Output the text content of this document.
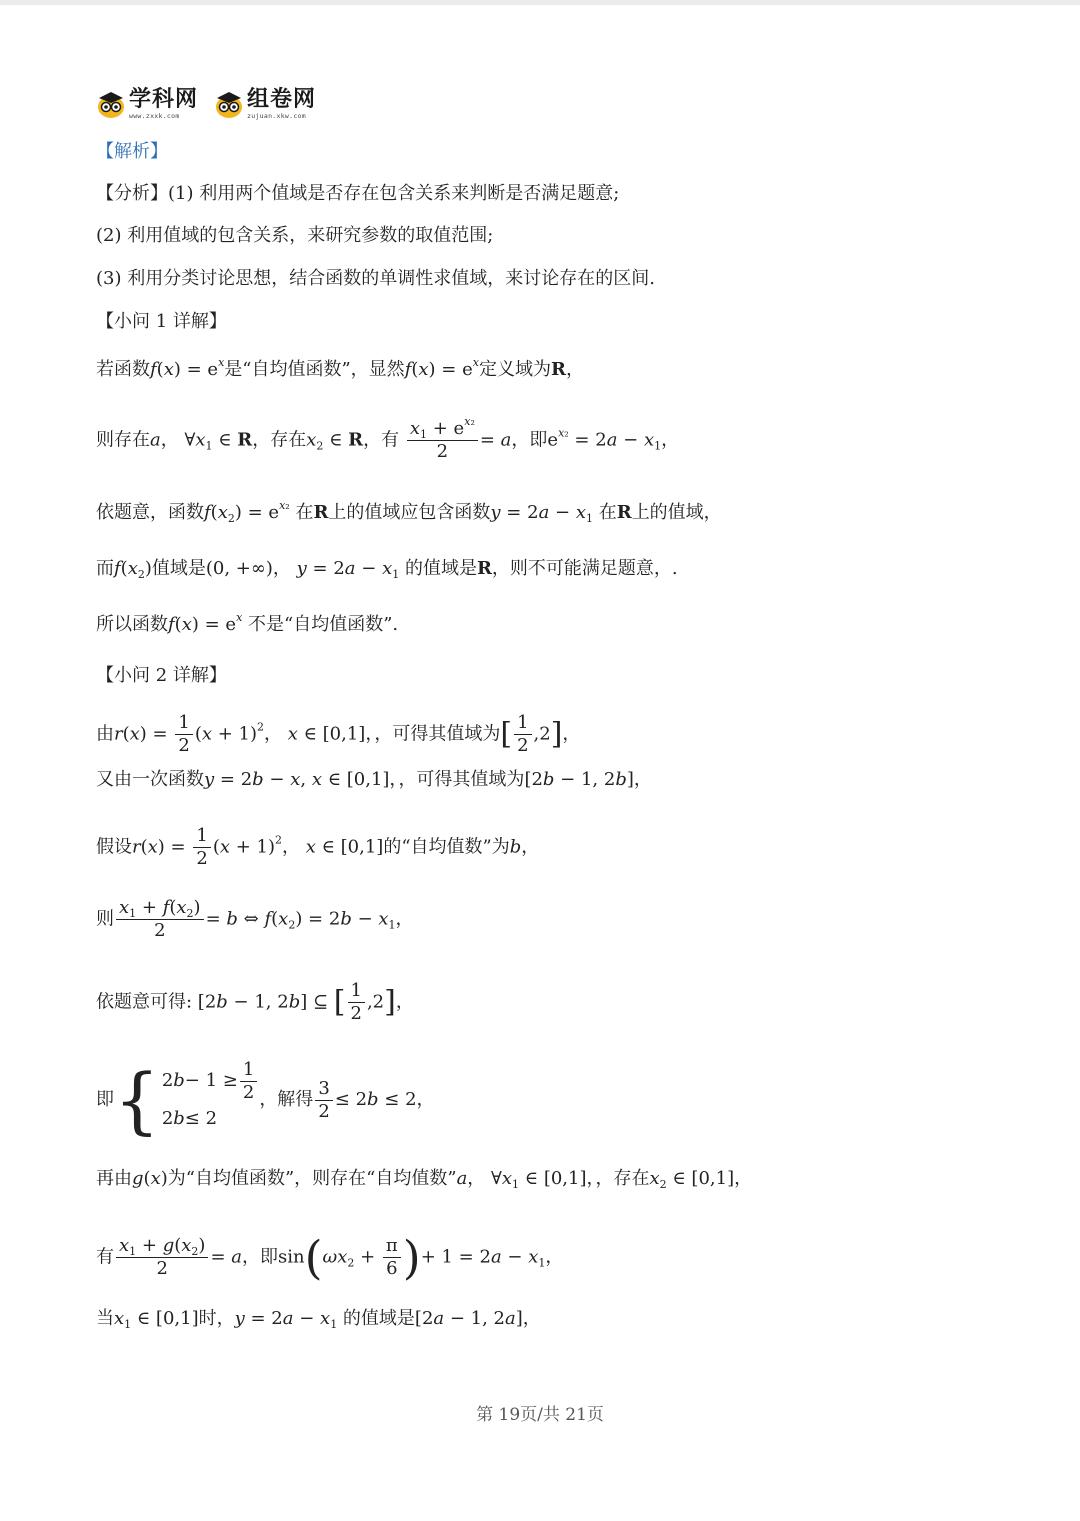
学科网
www.zxxk.com
组卷网
zujuan.xkw.com
【解析】
【分析】(1) 利用两个值域是否存在包含关系来判断是否满足题意;
(2) 利用值域的包含关系，来研究参数的取值范围;
(3) 利用分类讨论思想，结合函数的单调性求值域，来讨论存在的区间.
【小问 1 详解】
若函数$f(x) = e^x$是“自均值函数”，显然$f(x) = e^x$定义域为R，
则存在a， $\forall x_1$ ∈ R，存在$x_2$ ∈ R，有 $\frac{x_1 + e^{x_2}}{2} = a$，即$e^{x_2} = 2a - x_1$，
依题意，函数$f(x_2) = e^{x_2}$ 在R上的值域应包含函数$y = 2a - x_1$ 在R上的值域，
而$f(x_2)$值域是(0, +∞)， $y = 2a - x_1$ 的值域是R，则不可能满足题意，.
所以函数$f(x) = e^x$ 不是“自均值函数”.
【小问 2 详解】
由$r(x) = \frac{1}{2} (x + 1)^2$， x ∈ [0,1]，，可得其值域为[ $\frac{1}{2} ,2$]，
又由一次函数y = 2b − x, x ∈ [0,1]，，可得其值域为[2b − 1, 2b]，
假设$r(x) = \frac{1}{2} (x + 1)^2$， x ∈ [0,1]的“自均值数”为b，
则 $\frac{x_1 + f(x_2)}{2} = b$ ⇔ $f(x_2) = 2b - x_1$，
依题意可得: [2b − 1, 2b] ⊆ [ $\frac{1}{2} ,2$]，
即 { 2 $b - 1 \ge \frac{1}{2}$
2 b ≤ 2
，解得 $\frac{3}{2} \le 2b \le 2$，
再由g(x)为“自均值函数”，则存在“自均值数”a， $\forall x_1$ ∈ [0,1]，，存在$x_2$ ∈ [0,1]，
有 $\frac{x_1 + g(x_2)}{2} = a$，即$\sin(\omega x_2 + \frac{\pi}{6}$ )+ $1 = 2a - x_1$，
当$x_1$ ∈ [0,1]时，$y = 2a - x_1$ 的值域是[2a − 1, 2a]，
第 19页/共 21页
